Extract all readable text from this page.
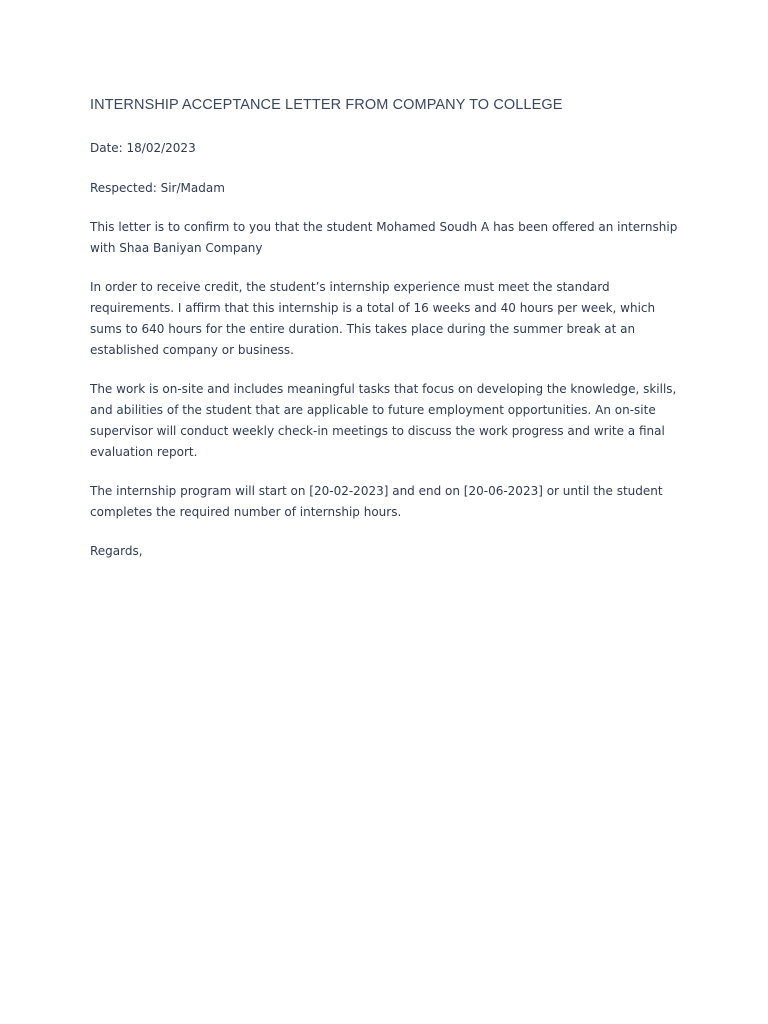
INTERNSHIP ACCEPTANCE LETTER FROM COMPANY TO COLLEGE

Date: 18/02/2023

Respected: Sir/Madam

This letter is to confirm to you that the student Mohamed Soudh A has been offered an internship with Shaa Baniyan Company

In order to receive credit, the student’s internship experience must meet the standard requirements. I affirm that this internship is a total of 16 weeks and 40 hours per week, which sums to 640 hours for the entire duration. This takes place during the summer break at an established company or business.

The work is on-site and includes meaningful tasks that focus on developing the knowledge, skills, and abilities of the student that are applicable to future employment opportunities. An on-site supervisor will conduct weekly check-in meetings to discuss the work progress and write a final evaluation report.

The internship program will start on [20-02-2023] and end on [20-06-2023] or until the student completes the required number of internship hours.

Regards,
